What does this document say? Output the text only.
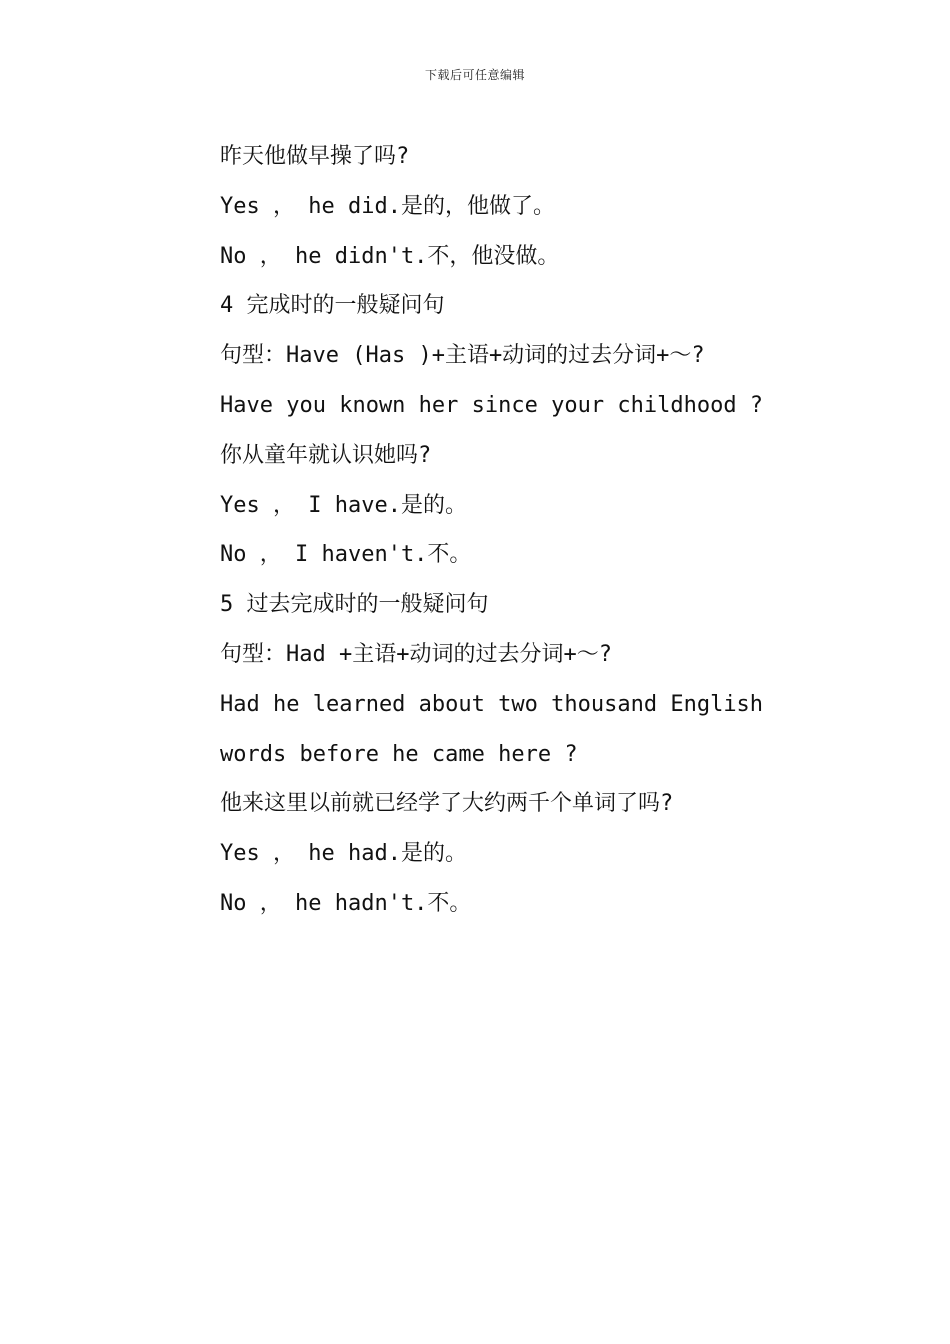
下载后可任意编辑
昨天他做早操了吗?
Yes ， he did.是的，他做了。
No ， he didn't.不，他没做。
4 完成时的一般疑问句
句型：Have (Has )+主语+动词的过去分词+～?
Have you known her since your childhood ?
你从童年就认识她吗?
Yes ， I have.是的。
No ， I haven't.不。
5 过去完成时的一般疑问句
句型：Had +主语+动词的过去分词+～?
Had he learned about two thousand English
words before he came here ?
他来这里以前就已经学了大约两千个单词了吗?
Yes ， he had.是的。
No ， he hadn't.不。
